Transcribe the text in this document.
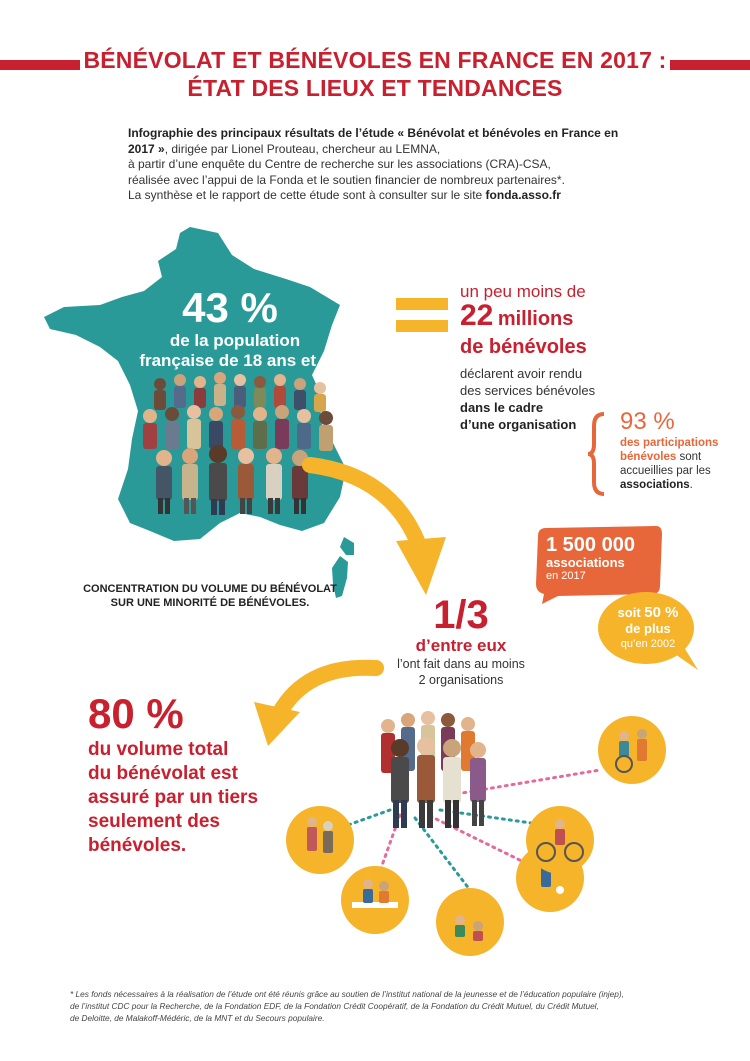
BÉNÉVOLAT ET BÉNÉVOLES EN FRANCE EN 2017 :
ÉTAT DES LIEUX ET TENDANCES
Infographie des principaux résultats de l’étude « Bénévolat et bénévoles en France en 2017 », dirigée par Lionel Prouteau, chercheur au LEMNA,
à partir d’une enquête du Centre de recherche sur les associations (CRA)-CSA,
réalisée avec l’appui de la Fonda et le soutien financier de nombreux partenaires*.
La synthèse et le rapport de cette étude sont à consulter sur le site fonda.asso.fr
43 %
de la population
française de 18 ans et +
un peu moins de
22 millions
de bénévoles
déclarent avoir rendu
des services bénévoles
dans le cadre
d’une organisation	93 %
des participations
bénévoles sont
accueillies par les
associations.
CONCENTRATION DU VOLUME DU BÉNÉVOLAT
SUR UNE MINORITÉ DE BÉNÉVOLES.
1 500 000
associations
en 2017
soit 50 %
de plus
qu’en 2002
1/3
d’entre eux
l’ont fait dans au moins
2 organisations
80 %
du volume total
du bénévolat est
assuré par un tiers
seulement des
bénévoles.
* Les fonds nécessaires à la réalisation de l’étude ont été réunis grâce au soutien de l’institut national de la jeunesse et de l’éducation populaire (injep),
de l’institut CDC pour la Recherche, de la Fondation EDF, de la Fondation Crédit Coopératif, de la Fondation du Crédit Mutuel, du Crédit Mutuel,
de Deloitte, de Malakoff-Médéric, de la MNT et du Secours populaire.
